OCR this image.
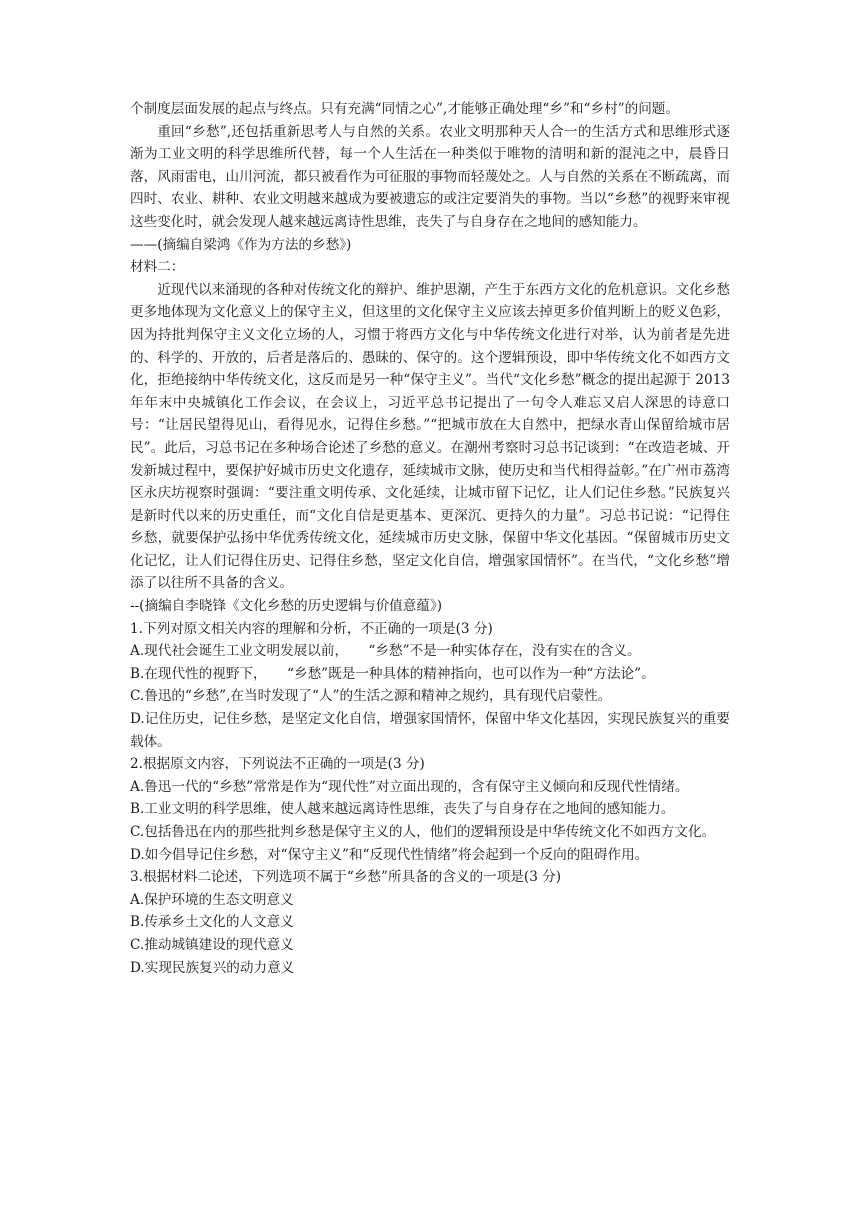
个制度层面发展的起点与终点。只有充满“同情之心”,才能够正确处理“乡”和“乡村”的问题。

重回“乡愁”,还包括重新思考人与自然的关系。农业文明那种天人合一的生活方式和思维形式逐渐为工业文明的科学思维所代替，每一个人生活在一种类似于唯物的清明和新的混沌之中，晨昏日落，风雨雷电，山川河流，都只被看作为可征服的事物而轻蔑处之。人与自然的关系在不断疏离，而四时、农业、耕种、农业文明越来越成为要被遗忘的或注定要消失的事物。当以“乡愁”的视野来审视这些变化时，就会发现人越来越远离诗性思维，丧失了与自身存在之地间的感知能力。

——(摘编自梁鸿《作为方法的乡愁》)

材料二：

近现代以来涌现的各种对传统文化的辩护、维护思潮，产生于东西方文化的危机意识。文化乡愁更多地体现为文化意义上的保守主义，但这里的文化保守主义应该去掉更多价值判断上的贬义色彩，因为持批判保守主义文化立场的人，习惯于将西方文化与中华传统文化进行对举，认为前者是先进的、科学的、开放的，后者是落后的、愚昧的、保守的。这个逻辑预设，即中华传统文化不如西方文化，拒绝接纳中华传统文化，这反而是另一种“保守主义”。当代“文化乡愁”概念的提出起源于 2013 年年末中央城镇化工作会议，在会议上，习近平总书记提出了一句令人难忘又启人深思的诗意口号：“让居民望得见山，看得见水，记得住乡愁。”“把城市放在大自然中，把绿水青山保留给城市居民”。此后，习总书记在多种场合论述了乡愁的意义。在潮州考察时习总书记谈到：“在改造老城、开发新城过程中，要保护好城市历史文化遗存，延续城市文脉，使历史和当代相得益彰。”在广州市荔湾区永庆坊视察时强调：“要注重文明传承、文化延续，让城市留下记忆，让人们记住乡愁。”民族复兴是新时代以来的历史重任，而“文化自信是更基本、更深沉、更持久的力量”。习总书记说：“记得住乡愁，就要保护弘扬中华优秀传统文化，延续城市历史文脉，保留中华文化基因。“保留城市历史文化记忆，让人们记得住历史、记得住乡愁，坚定文化自信，增强家国情怀”。在当代，“文化乡愁”增添了以往所不具备的含义。

--(摘编自李晓锋《文化乡愁的历史逻辑与价值意蕴》)

1.下列对原文相关内容的理解和分析，不正确的一项是(3 分)

A.现代社会诞生工业文明发展以前，　　“乡愁”不是一种实体存在，没有实在的含义。

B.在现代性的视野下，　　“乡愁”既是一种具体的精神指向，也可以作为一种“方法论”。

C.鲁迅的“乡愁”,在当时发现了“人”的生活之源和精神之规约，具有现代启蒙性。

D.记住历史，记住乡愁，是坚定文化自信，增强家国情怀，保留中华文化基因，实现民族复兴的重要载体。

2.根据原文内容，下列说法不正确的一项是(3 分)

A.鲁迅一代的“乡愁”常常是作为“现代性”对立面出现的，含有保守主义倾向和反现代性情绪。

B.工业文明的科学思维，使人越来越远离诗性思维，丧失了与自身存在之地间的感知能力。

C.包括鲁迅在内的那些批判乡愁是保守主义的人，他们的逻辑预设是中华传统文化不如西方文化。

D.如今倡导记住乡愁，对“保守主义”和“反现代性情绪”将会起到一个反向的阻碍作用。

3.根据材料二论述，下列选项不属于“乡愁”所具备的含义的一项是(3 分)

A.保护环境的生态文明意义

B.传承乡土文化的人文意义

C.推动城镇建设的现代意义

D.实现民族复兴的动力意义
